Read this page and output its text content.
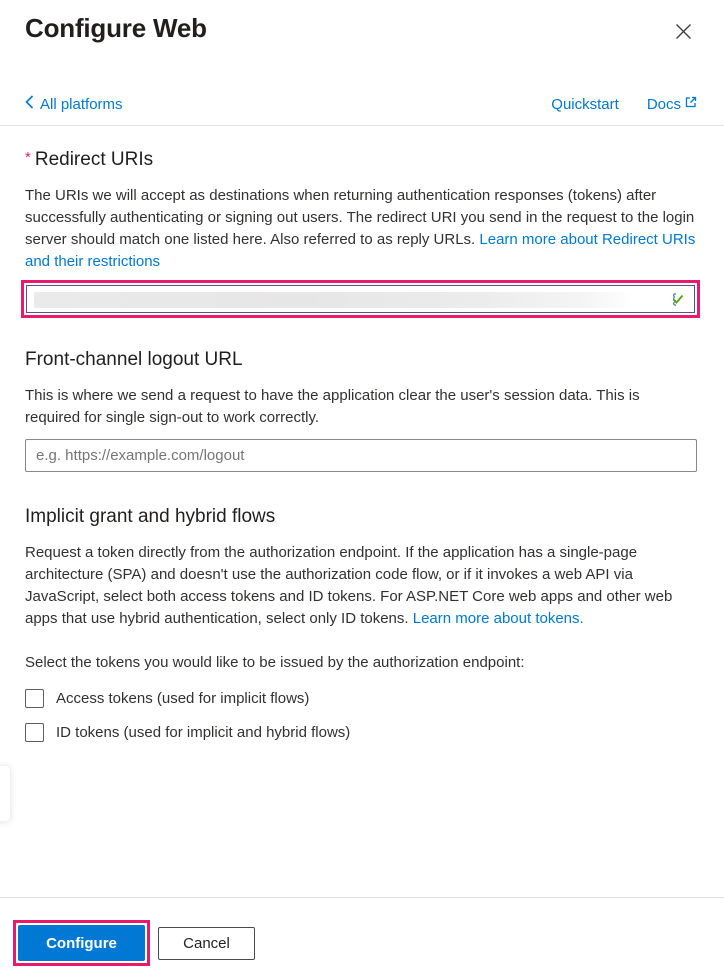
Configure Web
All platforms	Quickstart Docs
* Redirect URIs

The URIs we will accept as destinations when returning authentication responses (tokens) after successfully authenticating or signing out users. The redirect URI you send in the request to the login server should match one listed here. Also referred to as reply URLs. Learn more about Redirect URIs and their restrictions

Front-channel logout URL

This is where we send a request to have the application clear the user's session data. This is required for single sign-out to work correctly.

e.g. https://example.com/logout
Implicit grant and hybrid flows

Request a token directly from the authorization endpoint. If the application has a single-page architecture (SPA) and doesn't use the authorization code flow, or if it invokes a web API via JavaScript, select both access tokens and ID tokens. For ASP.NET Core web apps and other web apps that use hybrid authentication, select only ID tokens. Learn more about tokens.

Select the tokens you would like to be issued by the authorization endpoint:

Access tokens (used for implicit flows)
ID tokens (used for implicit and hybrid flows)
Configure	Cancel
